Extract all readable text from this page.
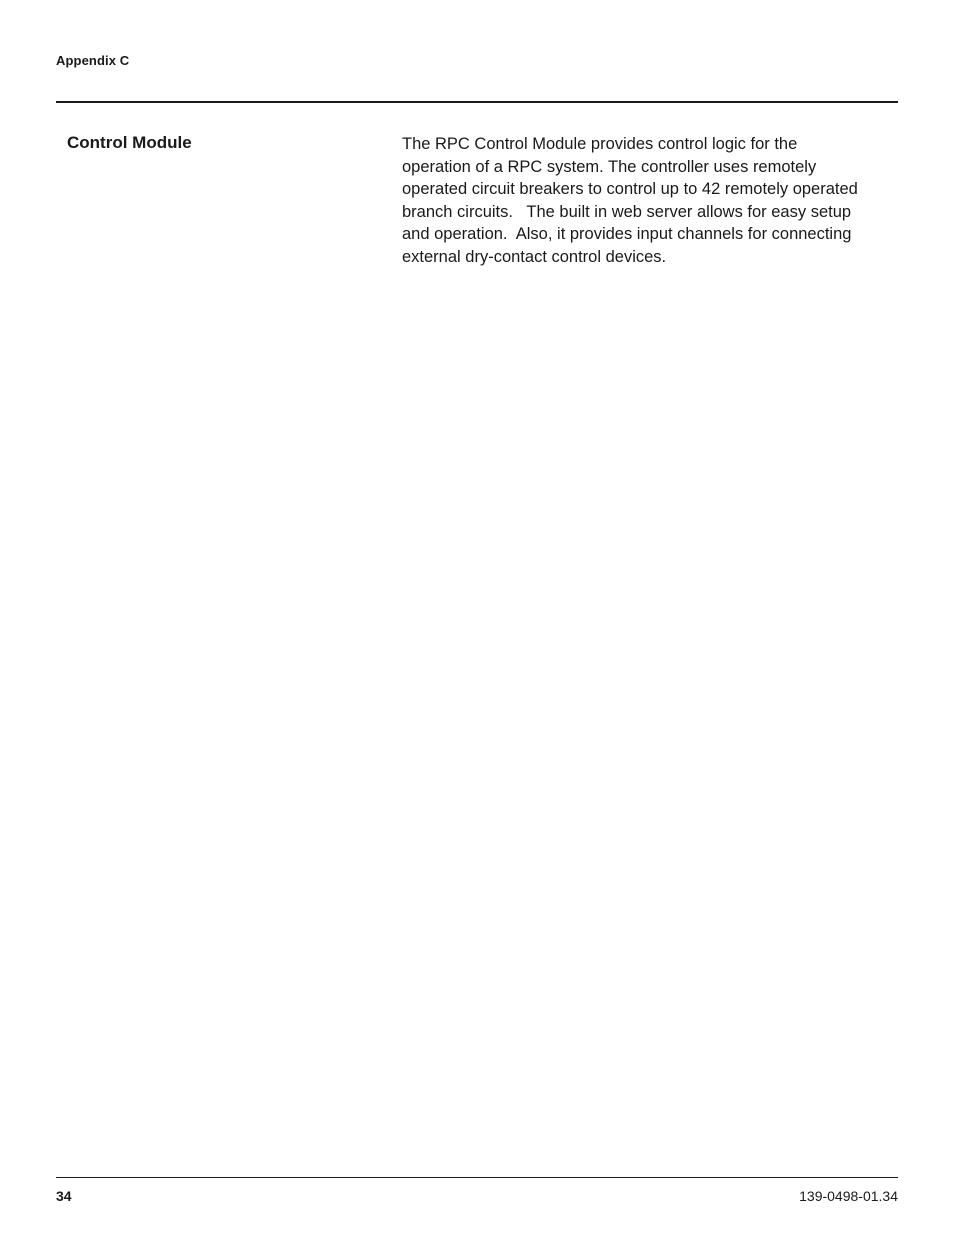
Appendix C
Control Module	The RPC Control Module provides control logic for the

operation of a RPC system. The controller uses remotely

operated circuit breakers to control up to 42 remotely operated

branch circuits.   The built in web server allows for easy setup

and operation.  Also, it provides input channels for connecting

external dry-contact control devices.

34	139-0498-01.34
